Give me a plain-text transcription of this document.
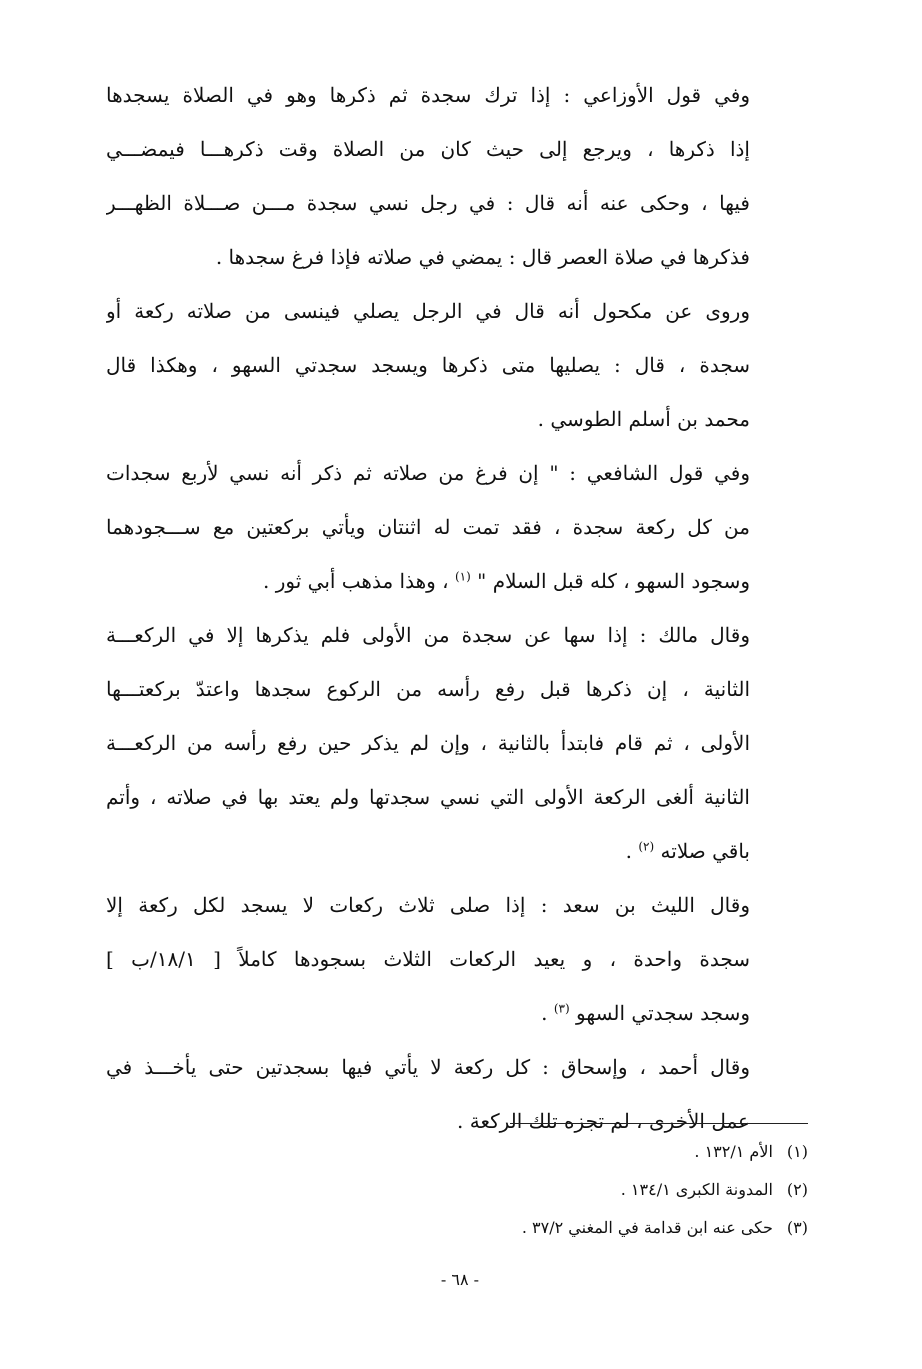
وفي قول الأوزاعي : إذا ترك سجدة ثم ذكرها وهو في الصلاة يسجدها
إذا ذكرها ، ويرجع إلى حيث كان من الصلاة وقت ذكرهـــا فيمضـــي
فيها ، وحكى عنه أنه قال : في رجل نسي سجدة مـــن صـــلاة الظهـــر
فذكرها في صلاة العصر قال : يمضي في صلاته فإذا فرغ سجدها .
وروى عن مكحول أنه قال في الرجل يصلي فينسى من صلاته ركعة أو
سجدة ، قال : يصليها متى ذكرها ويسجد سجدتي السهو ، وهكذا قال
محمد بن أسلم الطوسي .
وفي قول الشافعي : " إن فرغ من صلاته ثم ذكر أنه نسي لأربع سجدات
من كل ركعة سجدة ، فقد تمت له اثنتان ويأتي بركعتين مع ســـجودهما
وسجود السهو ، كله قبل السلام " $^{(١)}$ ، وهذا مذهب أبي ثور .
وقال مالك : إذا سها عن سجدة من الأولى فلم يذكرها إلا في الركعـــة
الثانية ، إن ذكرها قبل رفع رأسه من الركوع سجدها واعتدّ بركعتـــها
الأولى ، ثم قام فابتدأ بالثانية ، وإن لم يذكر حين رفع رأسه من الركعـــة
الثانية ألغى الركعة الأولى التي نسي سجدتها ولم يعتد بها في صلاته ، وأتم
باقي صلاته $^{(٢)}$ .
وقال الليث بن سعد : إذا صلى ثلاث ركعات لا يسجد لكل ركعة إلا
سجدة واحدة ، و يعيد الركعات الثلاث بسجودها كاملاً [ ١٨/١/ب ]
وسجد سجدتي السهو $^{(٣)}$ .
وقال أحمد ، وإسحاق : كل ركعة لا يأتي فيها بسجدتين حتى يأخـــذ في
عمل الأخرى ، لم تجزه تلك الركعة .
(١)الأم ١٣٢/١ .
(٢)المدونة الكبرى ١٣٤/١ .
(٣)حكى عنه ابن قدامة في المغني ٣٧/٢ .
- ٦٨ -
